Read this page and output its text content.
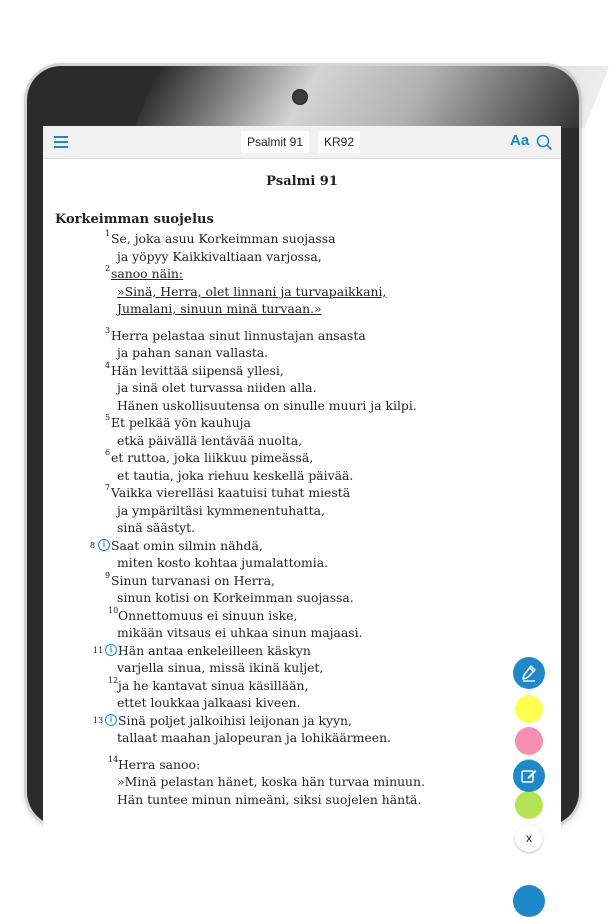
Psalmit 91	KR92	Aa
Psalmi 91
Korkeimman suojelus
1 Se, joka asuu Korkeimman suojassa
ja yöpyy Kaikkivaltiaan varjossa,
2 sanoo näin:
»Sinä, Herra, olet linnani ja turvapaikkani,
Jumalani, sinuun minä turvaan.»
3 Herra pelastaa sinut linnustajan ansasta
ja pahan sanan vallasta.
4 Hän levittää siipensä yllesi,
ja sinä olet turvassa niiden alla.
Hänen uskollisuutensa on sinulle muuri ja kilpi.
5 Et pelkää yön kauhuja
etkä päivällä lentävää nuolta,
6 et ruttoa, joka liikkuu pimeässä,
et tautia, joka riehuu keskellä päivää.
7 Vaikka vierelläsi kaatuisi tuhat miestä
ja ympäriltäsi kymmenentuhatta,
sinä säästyt.
8 i Saat omin silmin nähdä,
miten kosto kohtaa jumalattomia.
9 Sinun turvanasi on Herra,
sinun kotisi on Korkeimman suojassa.
10 Onnettomuus ei sinuun iske,
mikään vitsaus ei uhkaa sinun majaasi.
11 i Hän antaa enkeleilleen käskyn
varjella sinua, missä ikinä kuljet,
12 ja he kantavat sinua käsillään,
ettet loukkaa jalkaasi kiveen.
13 i Sinä poljet jalkoihisi leijonan ja kyyn,
tallaat maahan jalopeuran ja lohikäärmeen.
14 Herra sanoo:
»Minä pelastan hänet, koska hän turvaa minuun.
Hän tuntee minun nimeäni, siksi suojelen häntä.
x
